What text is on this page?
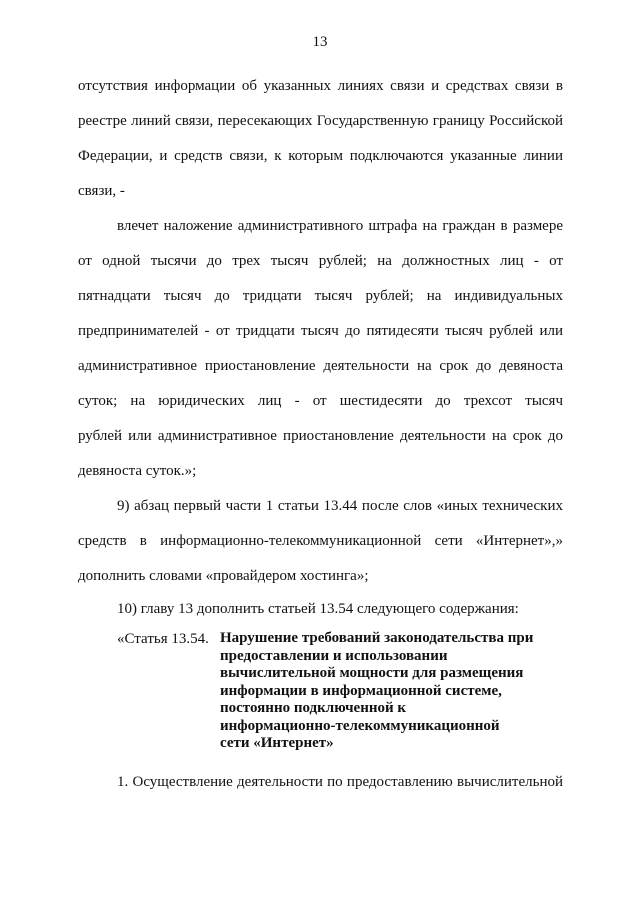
13
отсутствия информации об указанных линиях связи и средствах связи в
реестре линий связи, пересекающих Государственную границу Российской
Федерации, и средств связи, к которым подключаются указанные линии
связи, -
влечет наложение административного штрафа на граждан в размере
от одной тысячи до трех тысяч рублей; на должностных лиц - от
пятнадцати тысяч до тридцати тысяч рублей; на индивидуальных
предпринимателей - от тридцати тысяч до пятидесяти тысяч рублей или
административное приостановление деятельности на срок до девяноста
суток; на юридических лиц - от шестидесяти до трехсот тысяч
рублей или административное приостановление деятельности на срок до
девяноста суток.»;
9) абзац первый части 1 статьи 13.44 после слов «иных технических
средств в информационно-телекоммуникационной сети «Интернет»,»
дополнить словами «провайдером хостинга»;
10) главу 13 дополнить статьей 13.54 следующего содержания:
«Статья 13.54. Нарушение требований законодательства при
предоставлении и использовании
вычислительной мощности для размещения
информации в информационной системе,
постоянно подключенной к
информационно-телекоммуникационной
сети «Интернет»
1. Осуществление деятельности по предоставлению вычислительной
